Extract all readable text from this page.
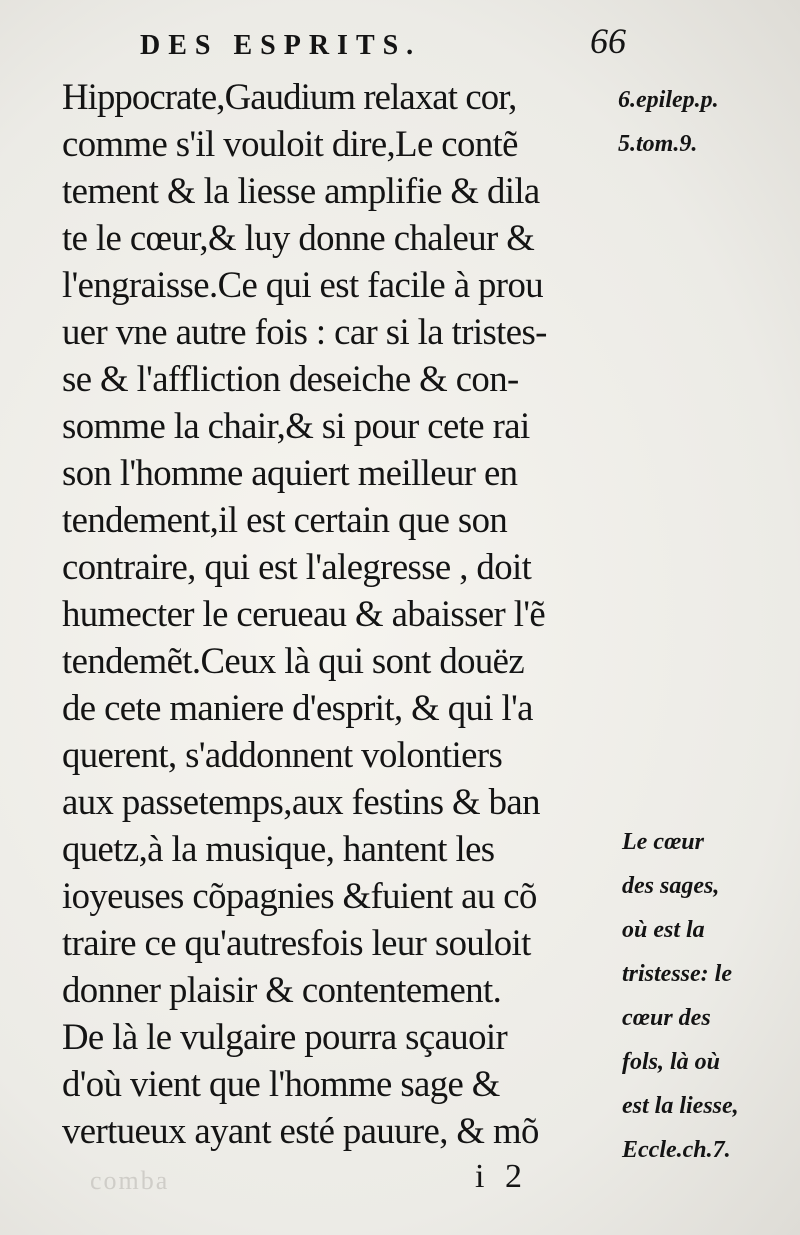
DES ESPRITS.	66
Hippocrate,Gaudium relaxat cor,
comme s'il vouloit dire,Le contẽ
tement & la liesse amplifie & dila
te le cœur,& luy donne chaleur &
l'engraisse.Ce qui est facile à prou
uer vne autre fois : car si la tristes-
se & l'affliction deseiche & con-
somme la chair,& si pour cete rai
son l'homme aquiert meilleur en
tendement,il est certain que son
contraire, qui est l'alegresse , doit
humecter le cerueau & abaisser l'ẽ
tendemẽt.Ceux là qui sont douëz
de cete maniere d'esprit, & qui l'a
querent, s'addonnent volontiers
aux passetemps,aux festins & ban
quetz,à la musique, hantent les
ioyeuses cõpagnies &fuient au cõ
traire ce qu'autresfois leur souloit
donner plaisir & contentement.
De là le vulgaire pourra sçauoir
d'où vient que l'homme sage &
vertueux ayant esté pauure, & mõ
6.epilep.p.
5.tom.9.
Le cœur
des sages,
où est la
tristesse: le
cœur des
fols, là où
est la liesse,
Eccle.ch.7.
comba	i 2
